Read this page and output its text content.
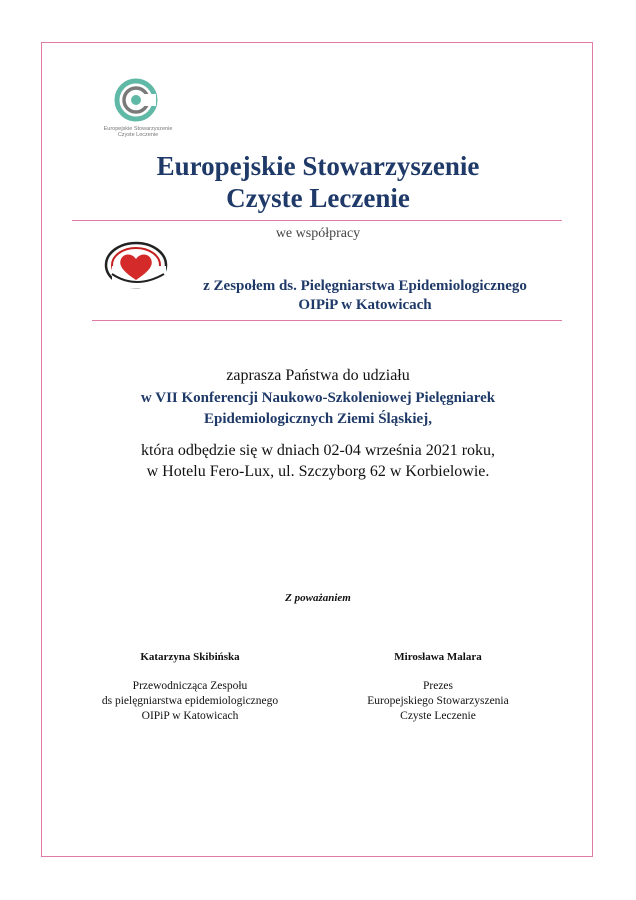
Europejskie Stowarzyszenie
Czyste Leczenie
Europejskie Stowarzyszenie
Czyste Leczenie
we współpracy
z Zespołem ds. Pielęgniarstwa Epidemiologicznego
OIPiP w Katowicach
zaprasza Państwa do udziału
w VII Konferencji Naukowo-Szkoleniowej Pielęgniarek
Epidemiologicznych Ziemi Śląskiej,
która odbędzie się w dniach 02-04 września 2021 roku,
w Hotelu Fero-Lux, ul. Szczyborg 62 w Korbielowie.
Z poważaniem
Katarzyna Skibińska
Przewodnicząca Zespołu
ds pielęgniarstwa epidemiologicznego
OIPiP w Katowicach
Mirosława Malara
Prezes
Europejskiego Stowarzyszenia
Czyste Leczenie
